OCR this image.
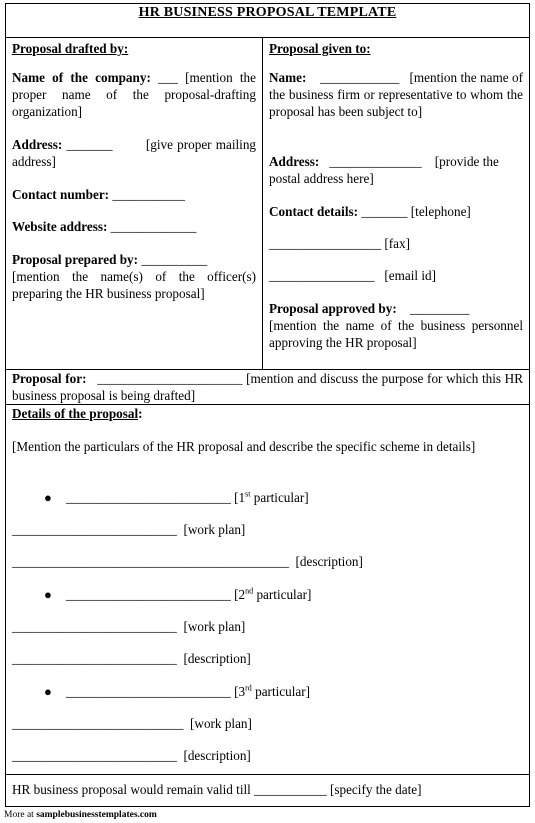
HR BUSINESS PROPOSAL TEMPLATE
Proposal drafted by:
Name of the company: ___ [mention the proper name of the proposal-drafting organization]
Address: _______        [give proper mailing address]
Contact number: ___________
Website address: _____________
Proposal prepared by: __________
[mention the name(s) of the officer(s) preparing the HR business proposal]
Proposal given to:
Name:    ____________   [mention the name of the business firm or representative to whom the proposal has been subject to]
Address:   ______________    [provide the postal address here]
Contact details: _______ [telephone]
_________________ [fax]
________________   [email id]
Proposal approved by:    _________
[mention the name of the business personnel approving the HR proposal]
Proposal for:   ______________________ [mention and discuss the purpose for which this HR business proposal is being drafted]
Details of the proposal:
[Mention the particulars of the HR proposal and describe the specific scheme in details]
● _________________________ [1st particular]
_________________________  [work plan]
__________________________________________  [description]
● _________________________ [2nd particular]
_________________________  [work plan]
_________________________  [description]
● _________________________ [3rd particular]
__________________________  [work plan]
_________________________  [description]
HR business proposal would remain valid till ___________ [specify the date]
More at samplebusinesstemplates.com
